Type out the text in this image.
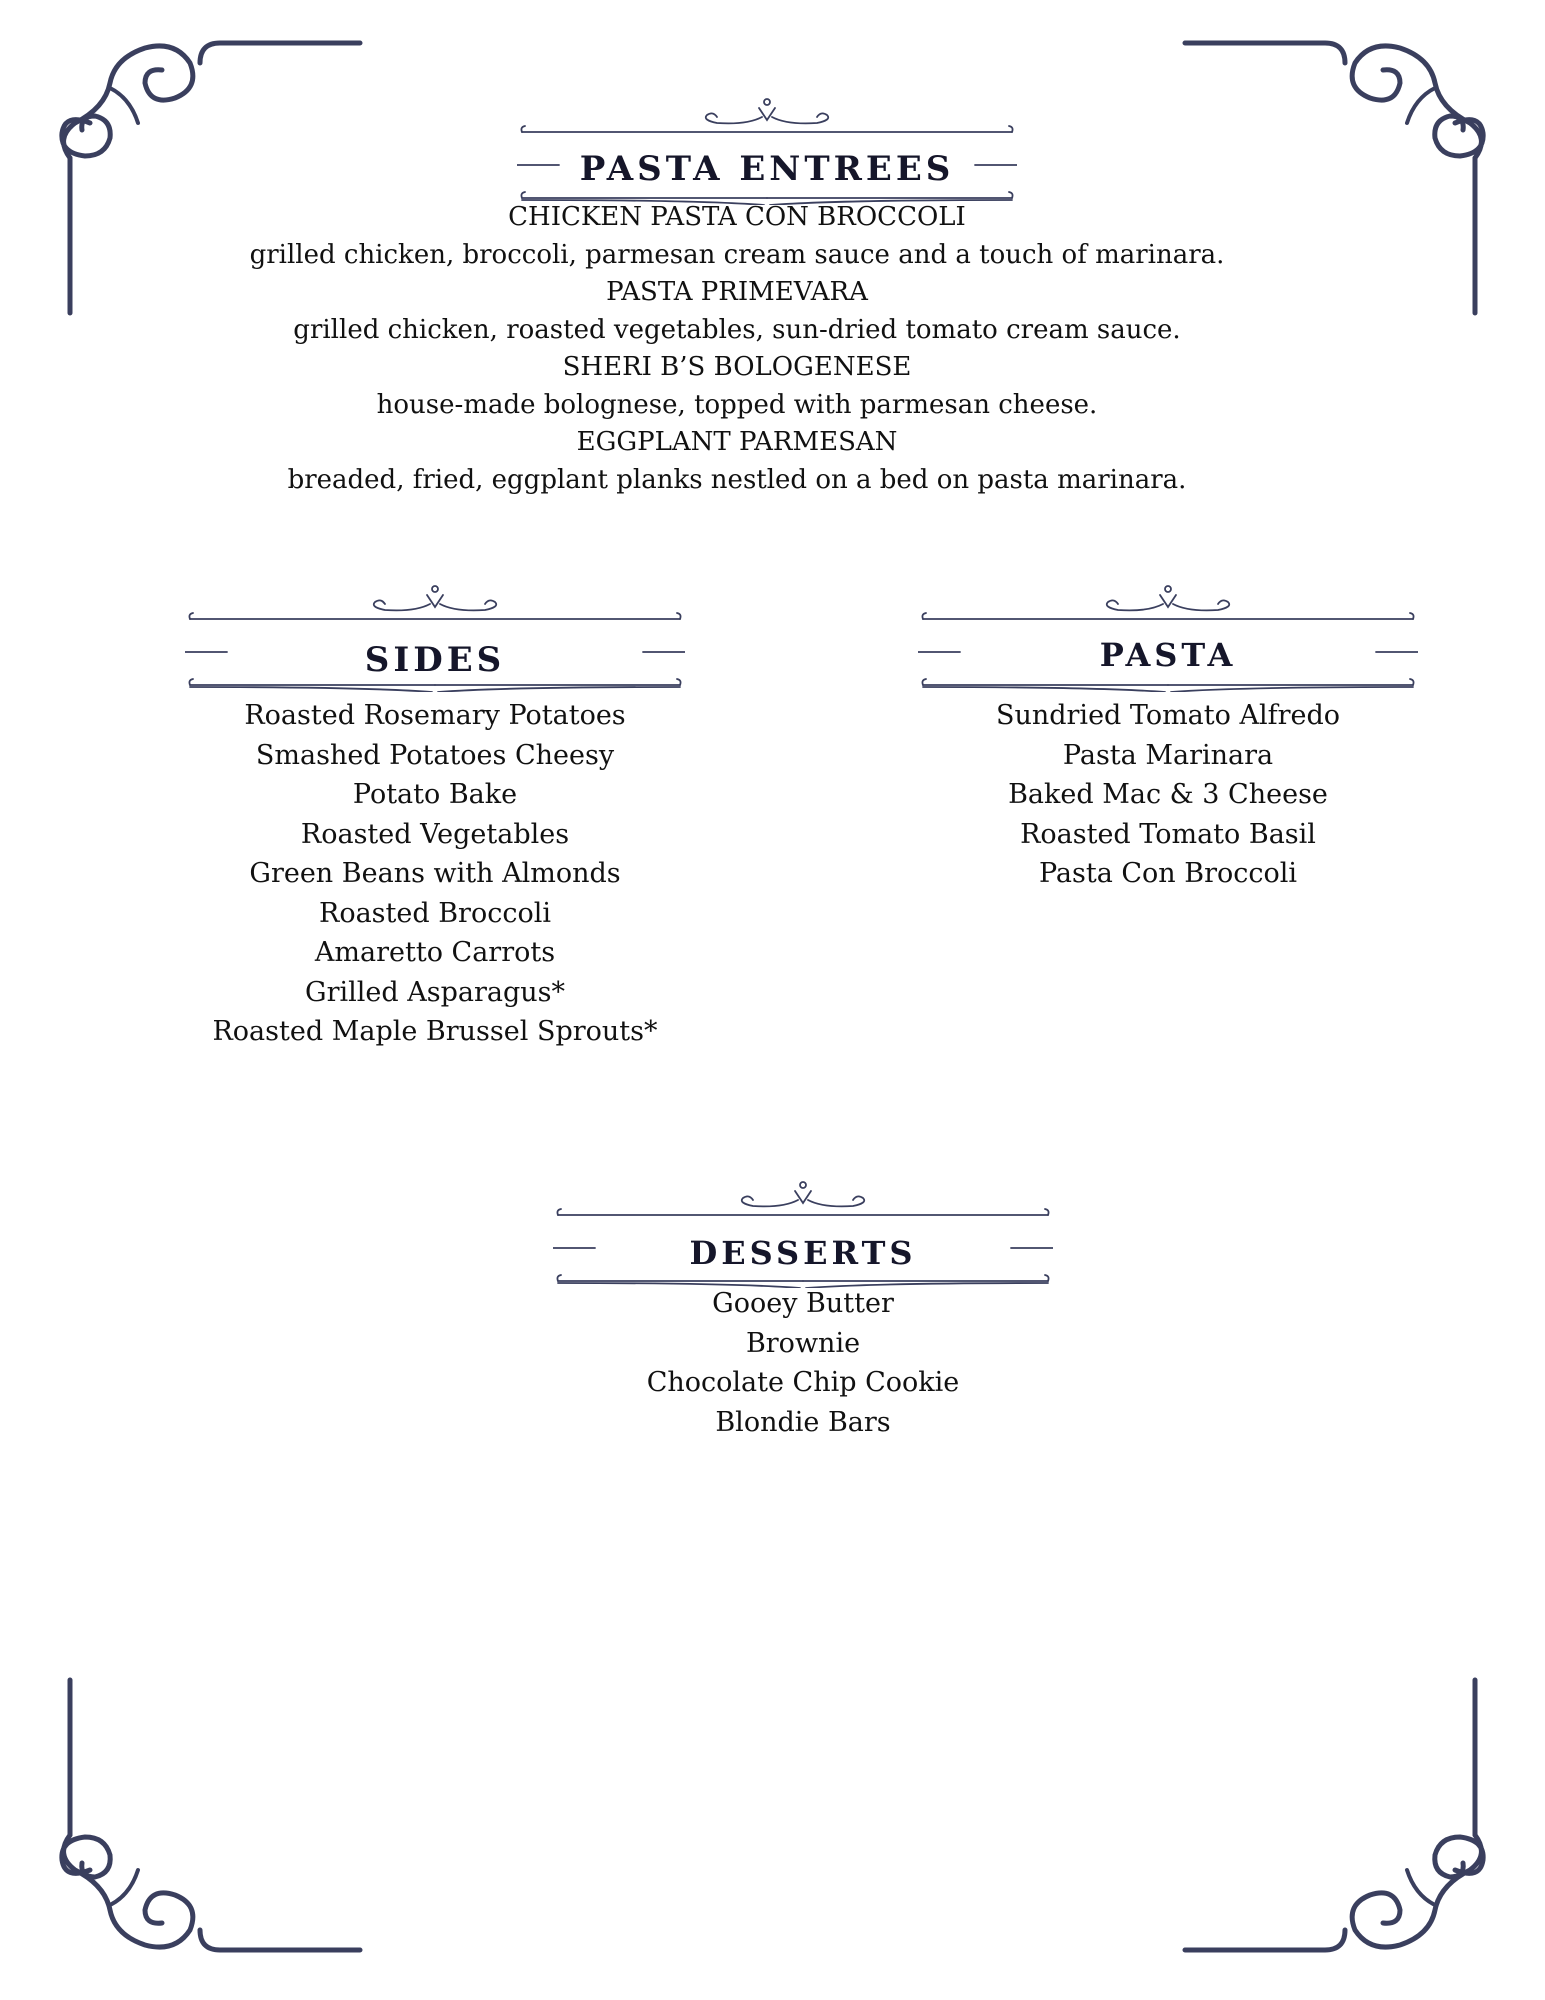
PASTA ENTREES
CHICKEN PASTA CON BROCCOLI
grilled chicken, broccoli, parmesan cream sauce and a touch of marinara.
PASTA PRIMEVARA
grilled chicken, roasted vegetables, sun-dried tomato cream sauce.
SHERI B’S BOLOGENESE
house-made bolognese, topped with parmesan cheese.
EGGPLANT PARMESAN
breaded, fried, eggplant planks nestled on a bed on pasta marinara.
SIDES
Roasted Rosemary Potatoes
Smashed Potatoes Cheesy
Potato Bake
Roasted Vegetables
Green Beans with Almonds
Roasted Broccoli
Amaretto Carrots
Grilled Asparagus*
Roasted Maple Brussel Sprouts*
PASTA
Sundried Tomato Alfredo
Pasta Marinara
Baked Mac & 3 Cheese
Roasted Tomato Basil
Pasta Con Broccoli
DESSERTS
Gooey Butter
Brownie
Chocolate Chip Cookie
Blondie Bars
